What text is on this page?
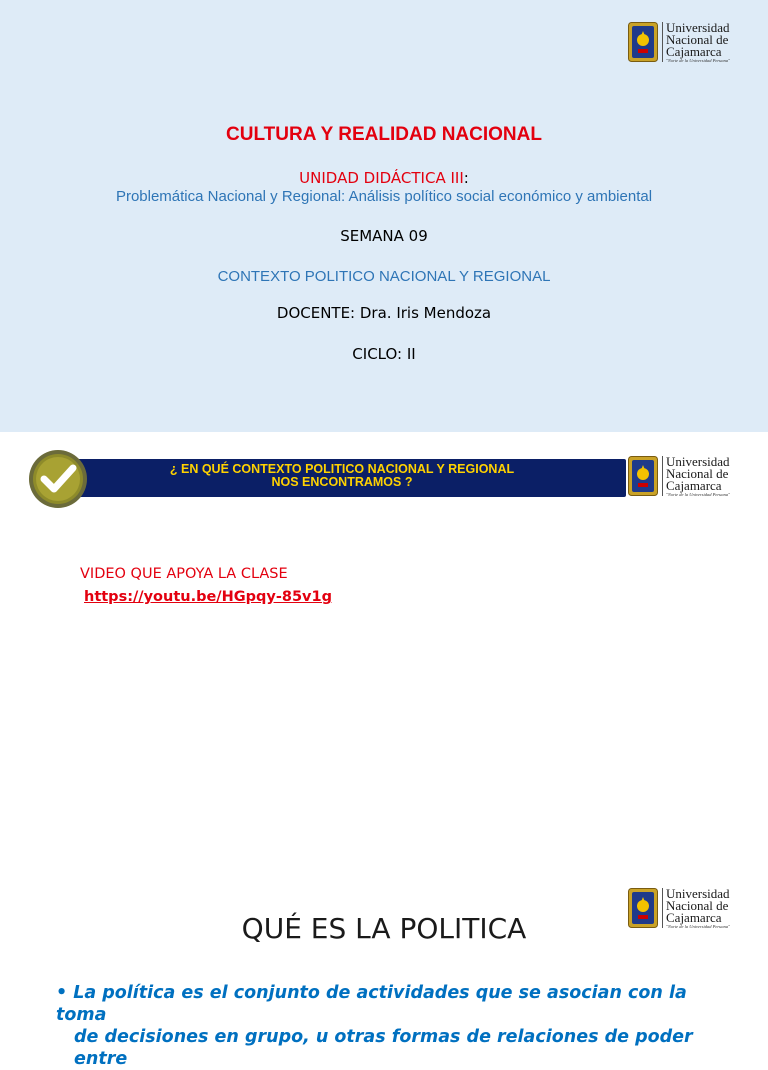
Universidad
Nacional de
Cajamarca
"Norte de la Universidad Peruana"
CULTURA Y REALIDAD NACIONAL
UNIDAD DIDÁCTICA III:
Problemática Nacional y Regional: Análisis político social económico y ambiental
SEMANA 09
CONTEXTO POLITICO NACIONAL Y REGIONAL
DOCENTE: Dra. Iris Mendoza
CICLO: II
¿ EN QUÉ CONTEXTO POLITICO NACIONAL Y REGIONAL
NOS ENCONTRAMOS ?
Universidad
Nacional de
Cajamarca
"Norte de la Universidad Peruana"
VIDEO QUE APOYA LA CLASE
https://youtu.be/HGpqy-85v1g
Universidad
Nacional de
Cajamarca
"Norte de la Universidad Peruana"
QUÉ ES LA POLITICA
• La política es el conjunto de actividades que se asocian con la toma
de decisiones en grupo, u otras formas de relaciones de poder entre
